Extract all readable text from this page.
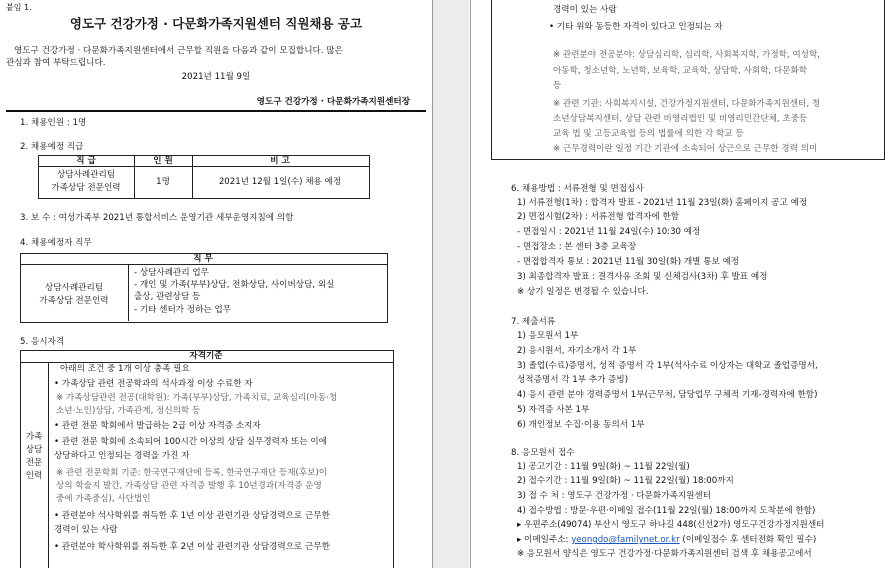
붙임 1.
영도구 건강가정 · 다문화가족지원센터 직원채용 공고
영도구 건강가정 · 다문화가족지원센터에서 근무할 직원을 다음과 같이 모집합니다. 많은
관심과 참여 부탁드립니다.
2021년 11월 9일
영도구 건강가정 · 다문화가족지원센터장
1. 채용인원 : 1명
2. 채용예정 직급
직 급	인 원	비 고
상담사례관리팀
가족상담 전문인력
1명	2021년 12월 1일(수) 채용 예정
3. 보 수 : 여성가족부 2021년 통합서비스 운영기관 세부운영지침에 의함
4. 채용예정자 직무
직 무
상담사례관리팀
가족상담 전문인력
- 상담사례관리 업무
- 개인 및 가족(부부)상담, 전화상담, 사이버상담, 외실
출상, 관련상담 등
- 기타 센터가 정하는 업무
5. 응시자격
자격기준
가족
상담
전문
인력
아래의 조건 중 1개 이상 충족 필요
• 가족상담 관련 전공학과의 석사과정 이상 수료한 자
※ 가족상담관련 전공(대학원): 가족(부부)상담, 가족치료, 교육심리(아동·청
소년·노인)상담, 가족관계, 정신의학 등
• 관련 전문 학회에서 발급하는 2급 이상 자격증 소지자
• 관련 전문 학회에 소속되어 100시간 이상의 상담 실무경력자 또는 이에
상당하다고 인정되는 경력을 가진 자
※ 관련 전문학회 기준: 한국연구재단에 등록, 한국연구재단 등재(후보)이
상의 학술지 발간, 가족상담 관련 자격증 발행 후 10년경과(자격증 운영
중에 가족중심), 사단법인
• 관련분야 석사학위를 취득한 후 1년 이상 관련기관 상담경력으로 근무한
경력이 있는 사람
• 관련분야 학사학위를 취득한 후 2년 이상 관련기관 상담경력으로 근무한
경력이 있는 사람
• 기타 위와 동등한 자격이 있다고 인정되는 자
※ 관련분야 전공분야: 상담심리학, 심리학, 사회복지학, 가정학, 여성학,
아동학, 청소년학, 노년학, 보육학, 교육학, 상담학, 사회학, 다문화학
등
※ 관련 기관: 사회복지시설, 건강가정지원센터, 다문화가족지원센터, 청
소년상담복지센터, 상담 관련 비영리법인 및 비영리민간단체, 초중등
교육 법 및 고등교육법 등의 법률에 의한 각 학교 등
※ 근무경력이란 일정 기간 기관에 소속되어 상근으로 근무한 경력 의미
6. 채용방법 : 서류전형 및 면접심사
1) 서류전형(1차) : 합격자 발표 - 2021년 11월 23일(화) 홈페이지 공고 예정
2) 면접시험(2차) : 서류전형 합격자에 한함
- 면접일시 : 2021년 11월 24일(수) 10:30 예정
- 면접장소 : 본 센터 3층 교육장
- 면접합격자 통보 : 2021년 11월 30일(화) 개별 통보 예정
3) 최종합격자 발표 : 결격사유 조회 및 신체검사(3차) 후 발표 예정
※ 상기 일정은 변경될 수 있습니다.
7. 제출서류
1) 응모원서 1부
2) 응시원서, 자기소개서 각 1부
3) 졸업(수료)증명서, 성적 증명서 각 1부(석사수료 이상자는 대학교 졸업증명서,
성적증명서 각 1부 추가 증빙)
4) 응시 관련 분야 경력증명서 1부(근무처, 담당업무 구체적 기재-경력자에 한함)
5) 자격증 사본 1부
6) 개인정보 수집·이용 동의서 1부
8. 응모원서 접수
1) 공고기간 : 11월 9일(화) ~ 11월 22일(월)
2) 접수기간 : 11월 9일(화) ~ 11월 22일(월) 18:00까지
3) 접 수 처 : 영도구 건강가정 · 다문화가족지원센터
4) 접수방법 : 방문·우편·이메일 접수(11월 22일(월) 18:00까지 도착분에 한함)
▸ 우편주소(49074) 부산시 영도구 하나길 448(신선2가) 영도구건강가정지원센터
▸ 이메일주소: yeongdo@familynet.or.kr (이메일접수 후 센터전화 확인 필수)
※ 응모원서 양식은 영도구 건강가정·다문화가족지원센터 검색 후 채용공고에서
